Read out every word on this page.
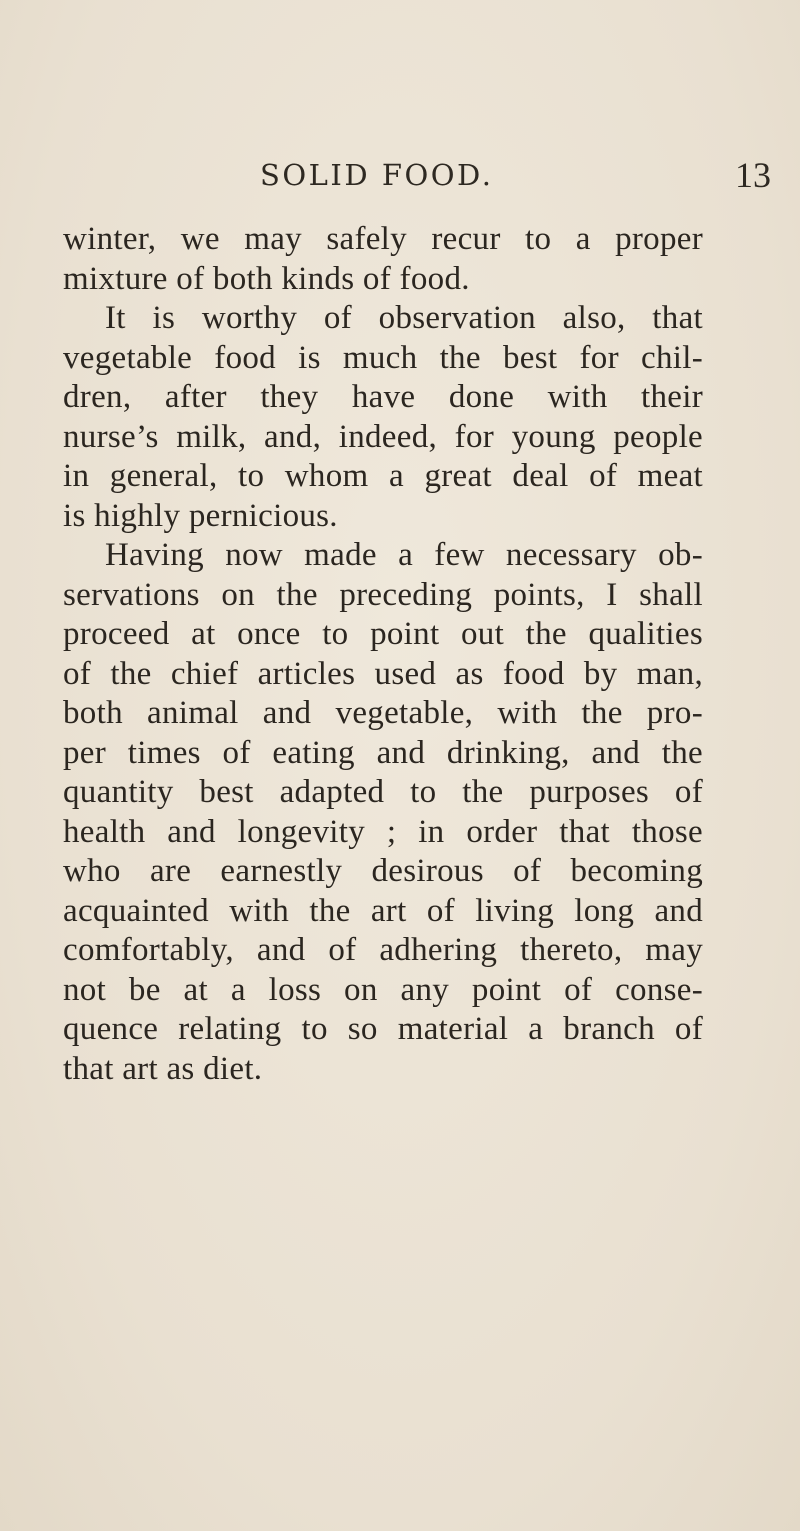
SOLID FOOD.	13

winter, we may safely recur to a proper
mixture of both kinds of food.

It is worthy of observation also, that
vegetable food is much the best for chil-
dren, after they have done with their
nurse’s milk, and, indeed, for young people
in general, to whom a great deal of meat
is highly pernicious.

Having now made a few necessary ob-
servations on the preceding points, I shall
proceed at once to point out the qualities
of the chief articles used as food by man,
both animal and vegetable, with the pro-
per times of eating and drinking, and the
quantity best adapted to the purposes of
health and longevity ; in order that those
who are earnestly desirous of becoming
acquainted with the art of living long and
comfortably, and of adhering thereto, may
not be at a loss on any point of conse-
quence relating to so material a branch of
that art as diet.
